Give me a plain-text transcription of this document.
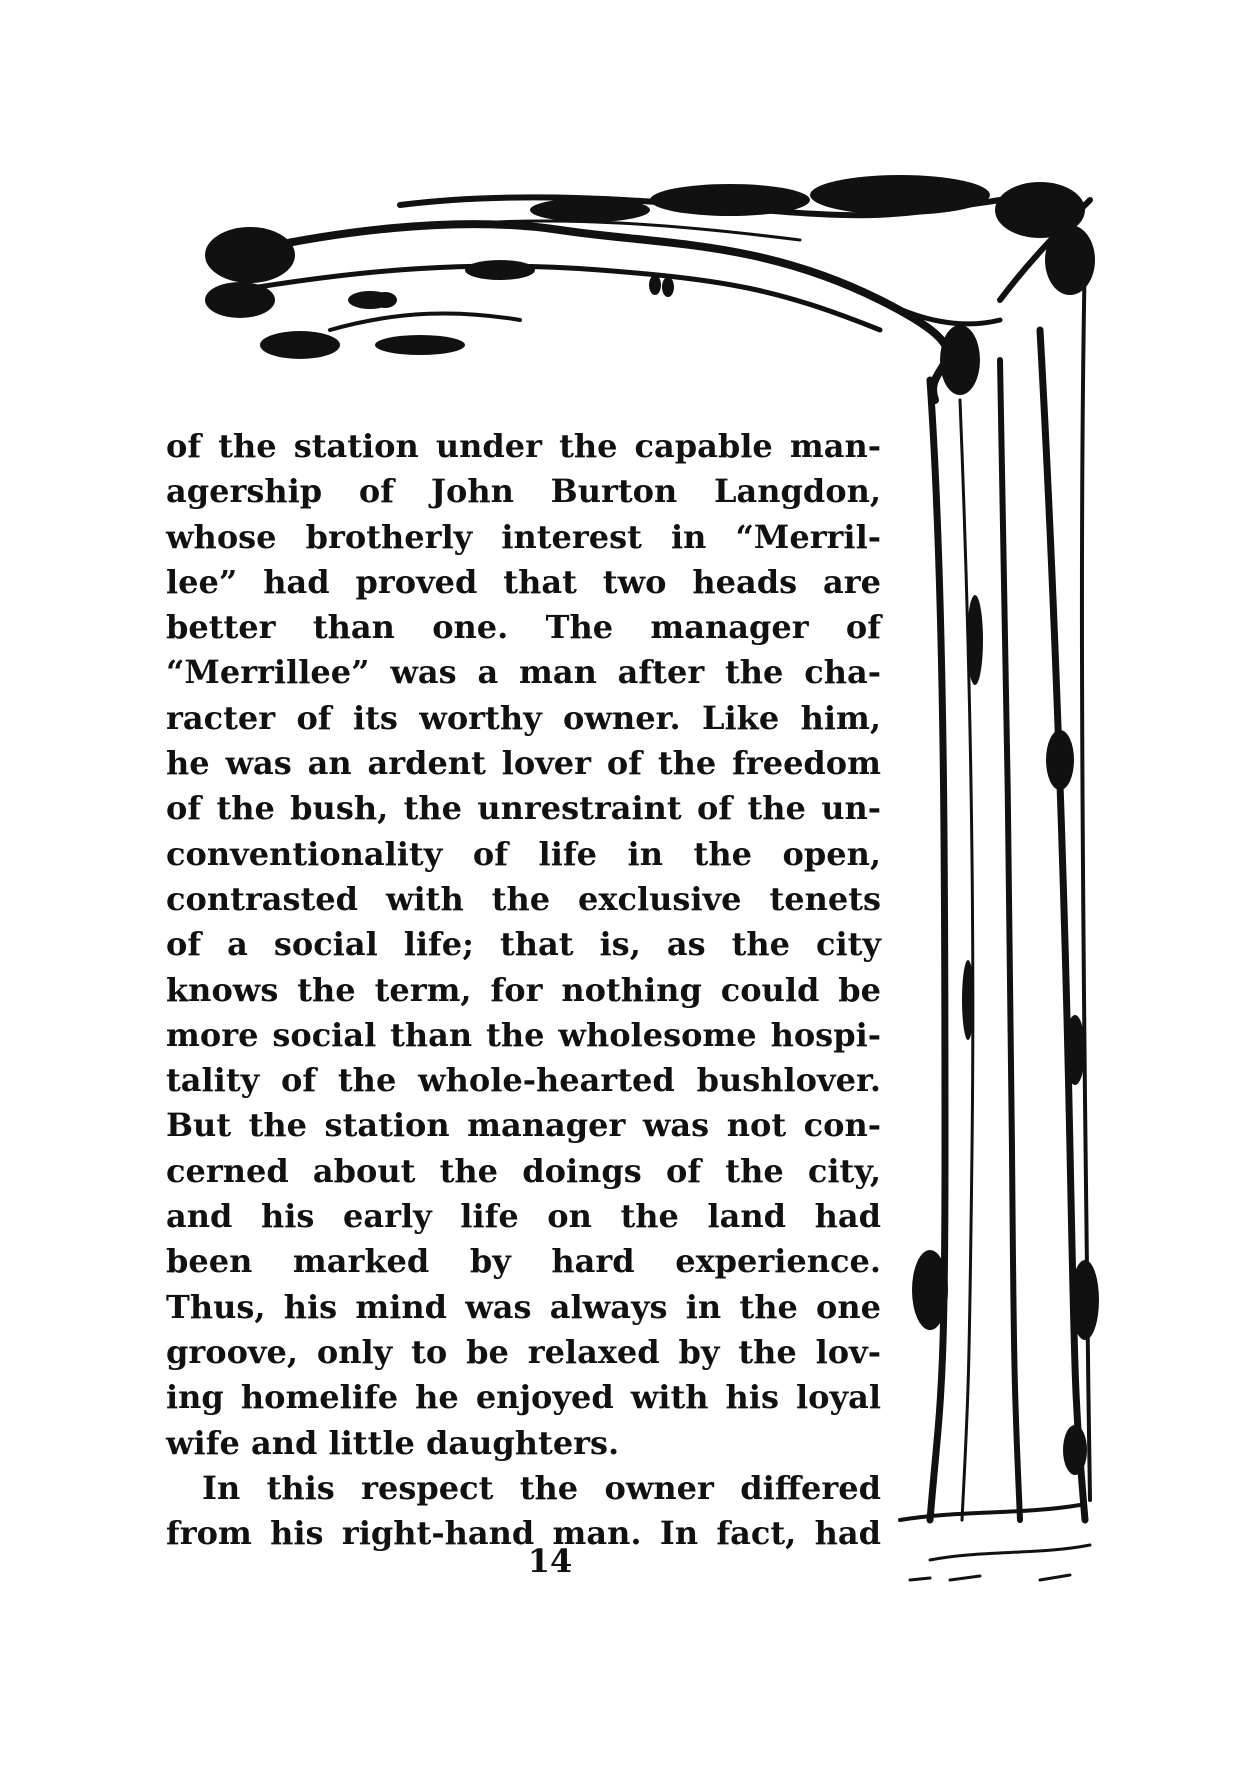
of the station under the capable man-
agership of John Burton Langdon,
whose brotherly interest in “Merril-
lee” had proved that two heads are
better than one. The manager of
“Merrillee” was a man after the cha-
racter of its worthy owner. Like him,
he was an ardent lover of the freedom
of the bush, the unrestraint of the un-
conventionality of life in the open,
contrasted with the exclusive tenets
of a social life; that is, as the city
knows the term, for nothing could be
more social than the wholesome hospi-
tality of the whole-hearted bushlover.
But the station manager was not con-
cerned about the doings of the city,
and his early life on the land had
been marked by hard experience.
Thus, his mind was always in the one
groove, only to be relaxed by the lov-
ing homelife he enjoyed with his loyal
wife and little daughters.
In this respect the owner differed
from his right-hand man. In fact, had
14
